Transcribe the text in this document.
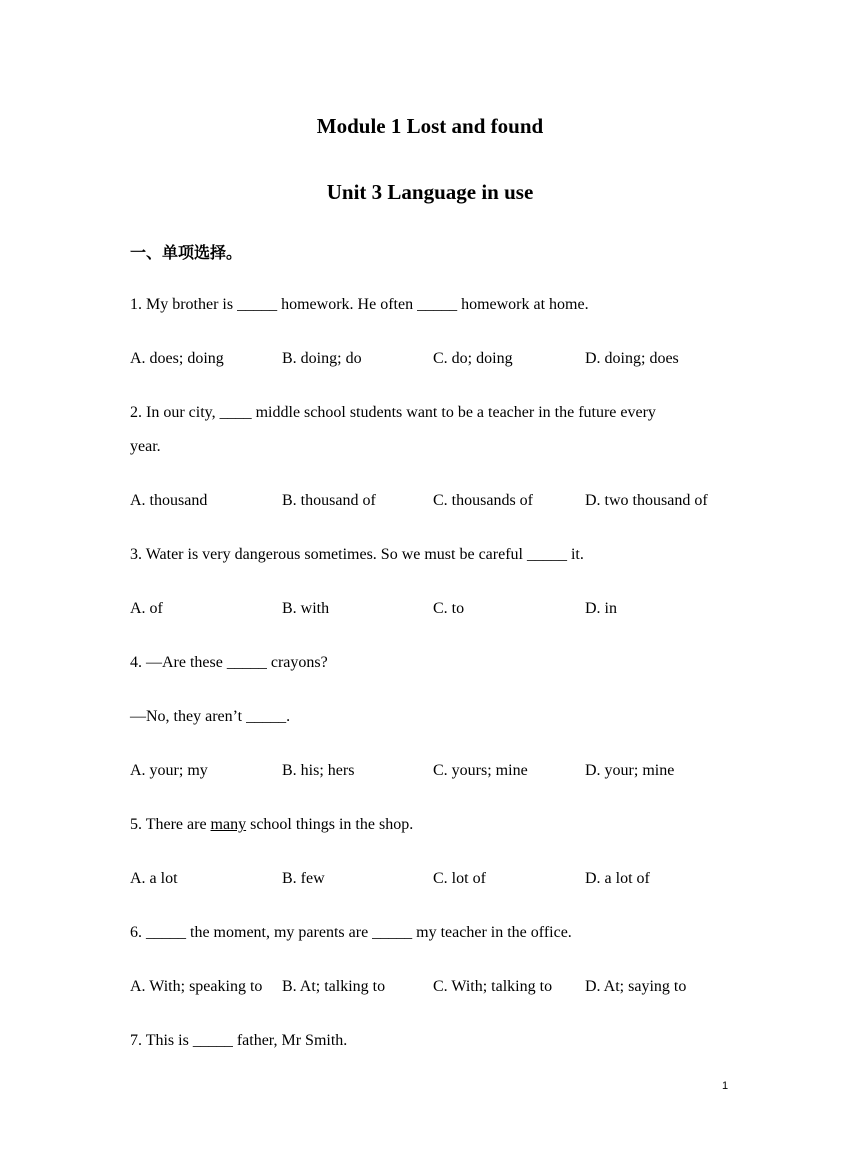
Module 1 Lost and found
Unit 3 Language in use
一、单项选择。
1. My brother is _____ homework. He often _____ homework at home.
A. does; doing	B. doing; do	C. do; doing	D. doing; does
2. In our city, ____ middle school students want to be a teacher in the future every
year.
A. thousand	B. thousand of	C. thousands of	D. two thousand of
3. Water is very dangerous sometimes. So we must be careful _____ it.
A. of	B. with	C. to	D. in
4. —Are these _____ crayons?
—No, they aren’t _____.
A. your; my	B. his; hers	C. yours; mine	D. your; mine
5. There are many school things in the shop.
A. a lot	B. few	C. lot of	D. a lot of
6. _____ the moment, my parents are _____ my teacher in the office.
A. With; speaking to B. At; talking to	C. With; talking to D. At; saying to
7. This is _____ father, Mr Smith.
1
